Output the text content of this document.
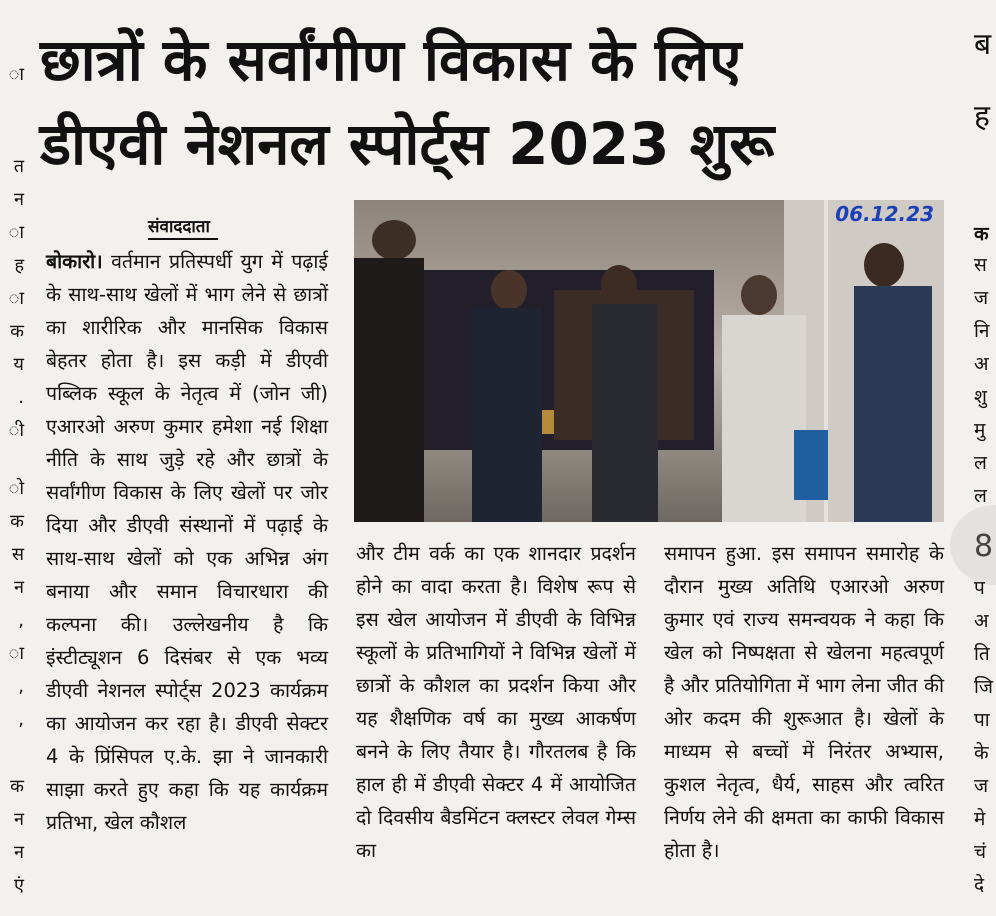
ा
त
न
ा
ह
ा
क
य
.
ी
ो
क
स
न
,
ा
,
,
क
न
न
एं
छात्रों के सर्वांगीण विकास के लिए
डीएवी नेशनल स्पोर्ट्स 2023 शुरू
संवाददाता
बोकारो। वर्तमान प्रतिस्पर्धी युग में पढ़ाई के साथ-साथ खेलों में भाग लेने से छात्रों का शारीरिक और मानसिक विकास बेहतर होता है। इस कड़ी में डीएवी पब्लिक स्कूल के नेतृत्व में (जोन जी) एआरओ अरुण कुमार हमेशा नई शिक्षा नीति के साथ जुड़े रहे और छात्रों के सर्वांगीण विकास के लिए खेलों पर जोर दिया और डीएवी संस्थानों में पढ़ाई के साथ-साथ खेलों को एक अभिन्न अंग बनाया और समान विचारधारा की कल्पना की। उल्लेखनीय है कि इंस्टीट्यूशन 6 दिसंबर से एक भव्य डीएवी नेशनल स्पोर्ट्स 2023 कार्यक्रम का आयोजन कर रहा है। डीएवी सेक्टर 4 के प्रिंसिपल ए.के. झा ने जानकारी साझा करते हुए कहा कि यह कार्यक्रम प्रतिभा, खेल कौशल
06.12.23
और टीम वर्क का एक शानदार प्रदर्शन होने का वादा करता है। विशेष रूप से इस खेल आयोजन में डीएवी के विभिन्न स्कूलों के प्रतिभागियों ने विभिन्न खेलों में छात्रों के कौशल का प्रदर्शन किया और यह शैक्षणिक वर्ष का मुख्य आकर्षण बनने के लिए तैयार है। गौरतलब है कि हाल ही में डीएवी सेक्टर 4 में आयोजित दो दिवसीय बैडमिंटन क्लस्टर लेवल गेम्स का
समापन हुआ. इस समापन समारोह के दौरान मुख्य अतिथि एआरओ अरुण कुमार एवं राज्य समन्वयक ने कहा कि खेल को निष्पक्षता से खेलना महत्वपूर्ण है और प्रतियोगिता में भाग लेना जीत की ओर कदम की शुरूआत है। खेलों के माध्यम से बच्चों में निरंतर अभ्यास, कुशल नेतृत्व, धैर्य, साहस और त्वरित निर्णय लेने की क्षमता का काफी विकास होता है।
ब
ह
क
स
ज
नि
अ
शु
मु
ल
ल
8
प
अ
ति
जि
पा
के
ज
मे
चं
दे
